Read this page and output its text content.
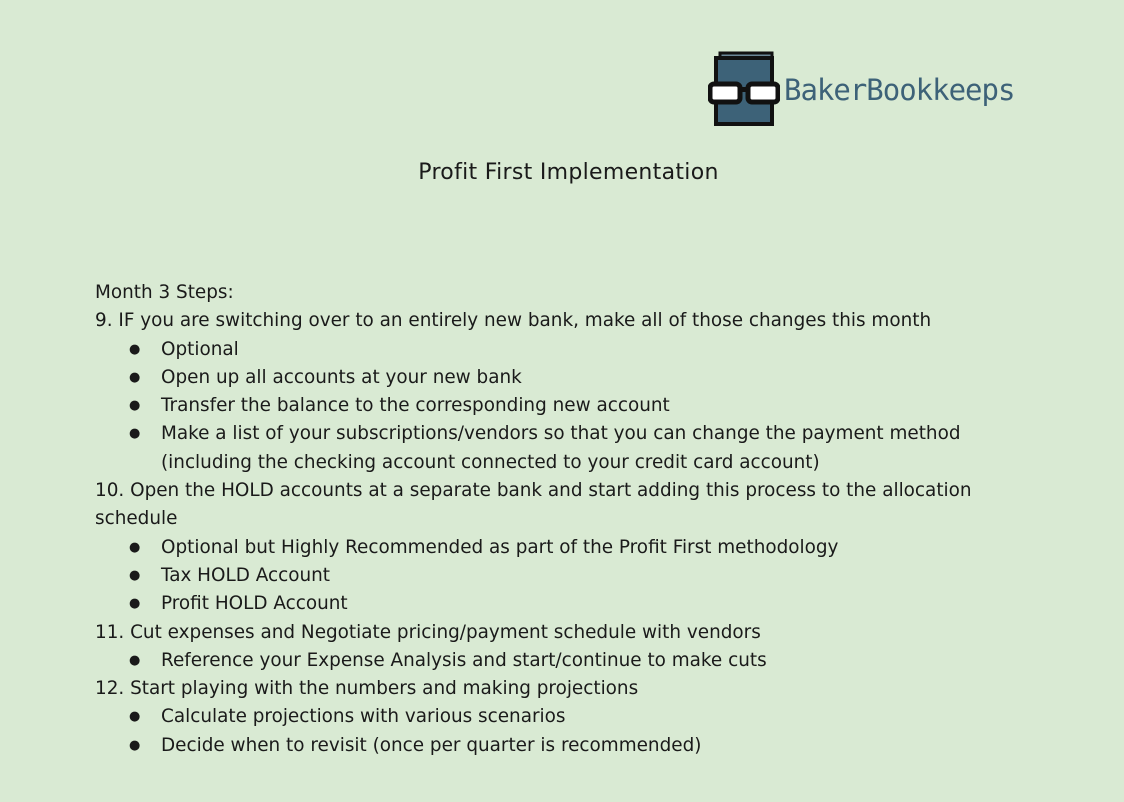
BakerBookkeeps
Profit First Implementation

Month 3 Steps:

9. IF you are switching over to an entirely new bank, make all of those changes this month

● Optional
● Open up all accounts at your new bank
● Transfer the balance to the corresponding new account
● Make a list of your subscriptions/vendors so that you can change the payment method (including the checking account connected to your credit card account)

10. Open the HOLD accounts at a separate bank and start adding this process to the allocation schedule

● Optional but Highly Recommended as part of the Profit First methodology
● Tax HOLD Account
● Profit HOLD Account

11. Cut expenses and Negotiate pricing/payment schedule with vendors

● Reference your Expense Analysis and start/continue to make cuts

12. Start playing with the numbers and making projections

● Calculate projections with various scenarios
● Decide when to revisit (once per quarter is recommended)
